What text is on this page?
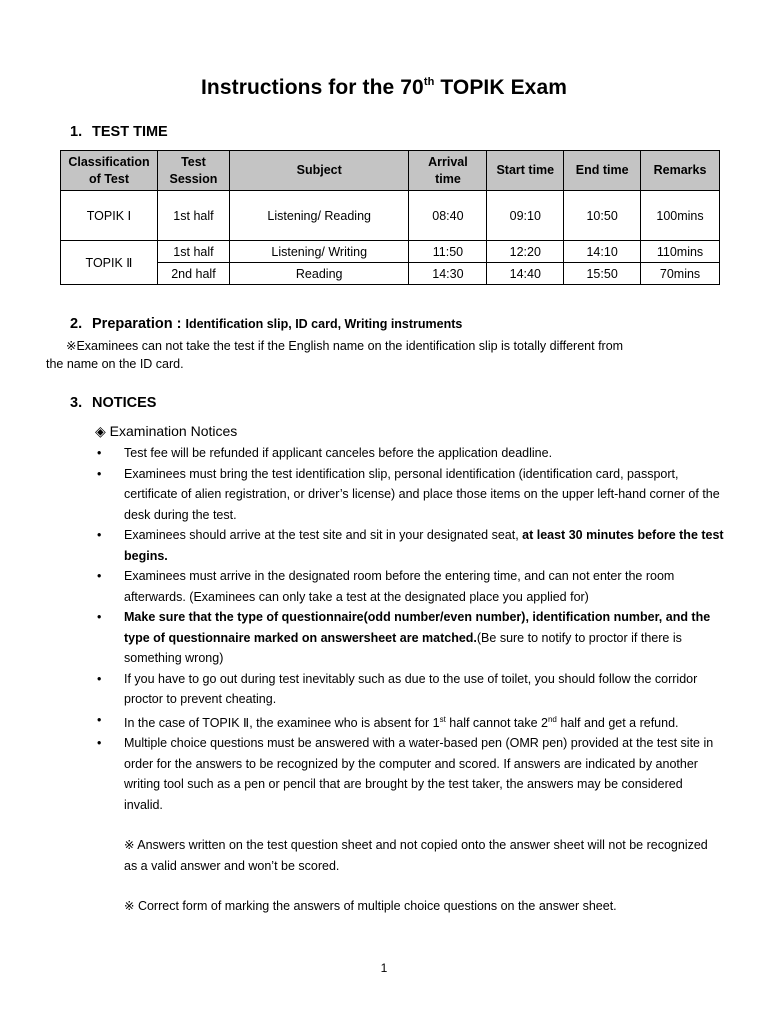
Instructions for the 70th TOPIK Exam
1. TEST TIME
Classification of Test	Test Session	Subject	Arrival time	Start time	End time	Remarks
TOPIK Ⅰ	1st half	Listening/ Reading	08:40	09:10	10:50	100mins
TOPIK Ⅱ	1st half	Listening/ Writing	11:50	12:20	14:10	110mins
	2nd half	Reading	14:30	14:40	15:50	70mins
2. Preparation : Identification slip, ID card, Writing instruments
※Examinees can not take the test if the English name on the identification slip is totally different from
the name on the ID card.
3. NOTICES
◈ Examination Notices
• Test fee will be refunded if applicant canceles before the application deadline.
• Examinees must bring the test identification slip, personal identification (identification card, passport, certificate of alien registration, or driver’s license) and place those items on the upper left-hand corner of the desk during the test.
• Examinees should arrive at the test site and sit in your designated seat, at least 30 minutes before the test begins.
• Examinees must arrive in the designated room before the entering time, and can not enter the room afterwards. (Examinees can only take a test at the designated place you applied for)
• Make sure that the type of questionnaire(odd number/even number), identification number, and the type of questionnaire marked on answersheet are matched.(Be sure to notify to proctor if there is something wrong)
• If you have to go out during test inevitably such as due to the use of toilet, you should follow the corridor proctor to prevent cheating.
• In the case of TOPIK Ⅱ, the examinee who is absent for 1st half cannot take 2nd half and get a refund.
• Multiple choice questions must be answered with a water-based pen (OMR pen) provided at the test site in order for the answers to be recognized by the computer and scored. If answers are indicated by another writing tool such as a pen or pencil that are brought by the test taker, the answers may be considered invalid.
※ Answers written on the test question sheet and not copied onto the answer sheet will not be recognized as a valid answer and won’t be scored.
※ Correct form of marking the answers of multiple choice questions on the answer sheet.
1
